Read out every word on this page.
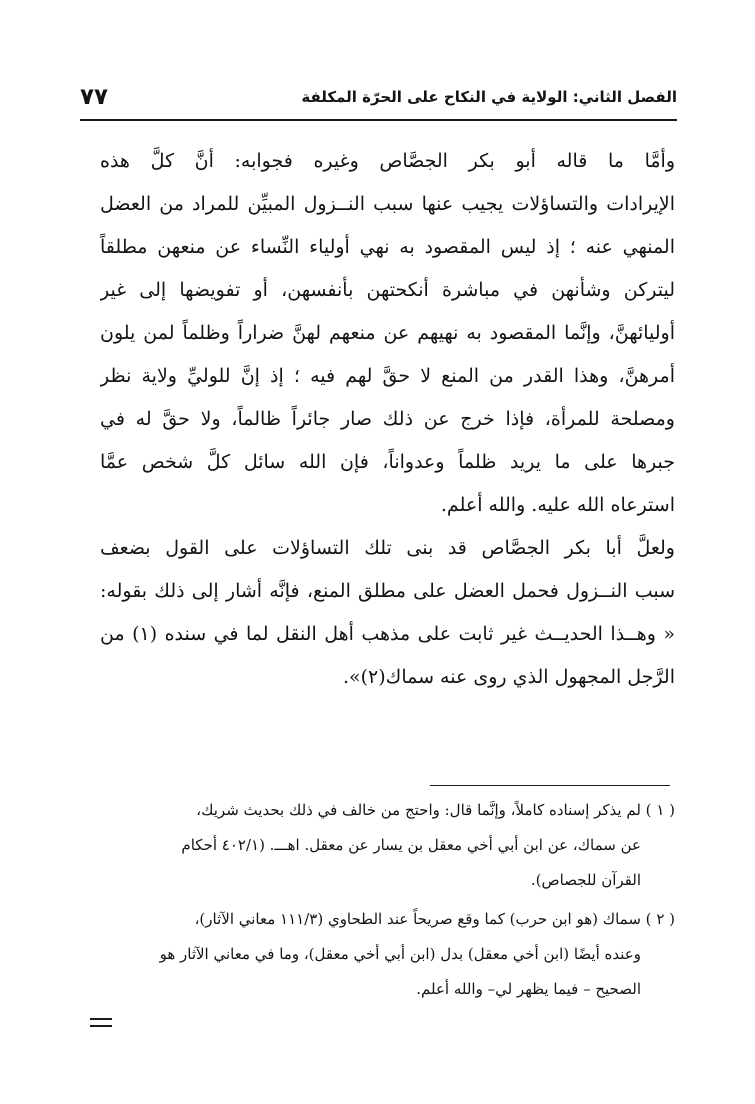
الفصل الثاني: الولاية في النكاح على الحرّة المكلفة
٧٧
وأمَّا ما قاله أبو بكر الجصَّاص وغيره فجوابه: أنَّ كلَّ هذه
الإيرادات والتساؤلات يجيب عنها سبب النــزول المبيِّن للمراد من العضل
المنهي عنه ؛ إذ ليس المقصود به نهي أولياء النِّساء عن منعهن مطلقاً
ليتركن وشأنهن في مباشرة أنكحتهن بأنفسهن، أو تفويضها إلى غير
أوليائهنَّ، وإنَّما المقصود به نهيهم عن منعهم لهنَّ ضراراً وظلماً لمن يلون
أمرهنَّ، وهذا القدر من المنع لا حقَّ لهم فيه ؛ إذ إنَّ للوليِّ ولاية نظر
ومصلحة للمرأة، فإذا خرج عن ذلك صار جائراً ظالماً، ولا حقَّ له في
جبرها على ما يريد ظلماً وعدواناً، فإن الله سائل كلَّ شخص عمَّا
استرعاه الله عليه. والله أعلم.
ولعلَّ أبا بكر الجصَّاص قد بنى تلك التساؤلات على القول بضعف
سبب النــزول فحمل العضل على مطلق المنع، فإنَّه أشار إلى ذلك بقوله:
« وهــذا الحديــث غير ثابت على مذهب أهل النقل لما في سنده (١) من
الرَّجل المجهول الذي روى عنه سماك(٢)».
( ١ ) لم يذكر إسناده كاملاً، وإنَّما قال: واحتج من خالف في ذلك بحديث شريك،
عن سماك، عن ابن أبي أخي معقل بن يسار عن معقل. اهـــ. (٤٠٢/١ أحكام
القرآن للجصاص).
( ٢ ) سماك (هو ابن حرب) كما وقع صريحاً عند الطحاوي (١١١/٣ معاني الآثار)،
وعنده أيضًا (ابن أخي معقل) بدل (ابن أبي أخي معقل)، وما في معاني الآثار هو
الصحيح – فيما يظهر لي– والله أعلم.
